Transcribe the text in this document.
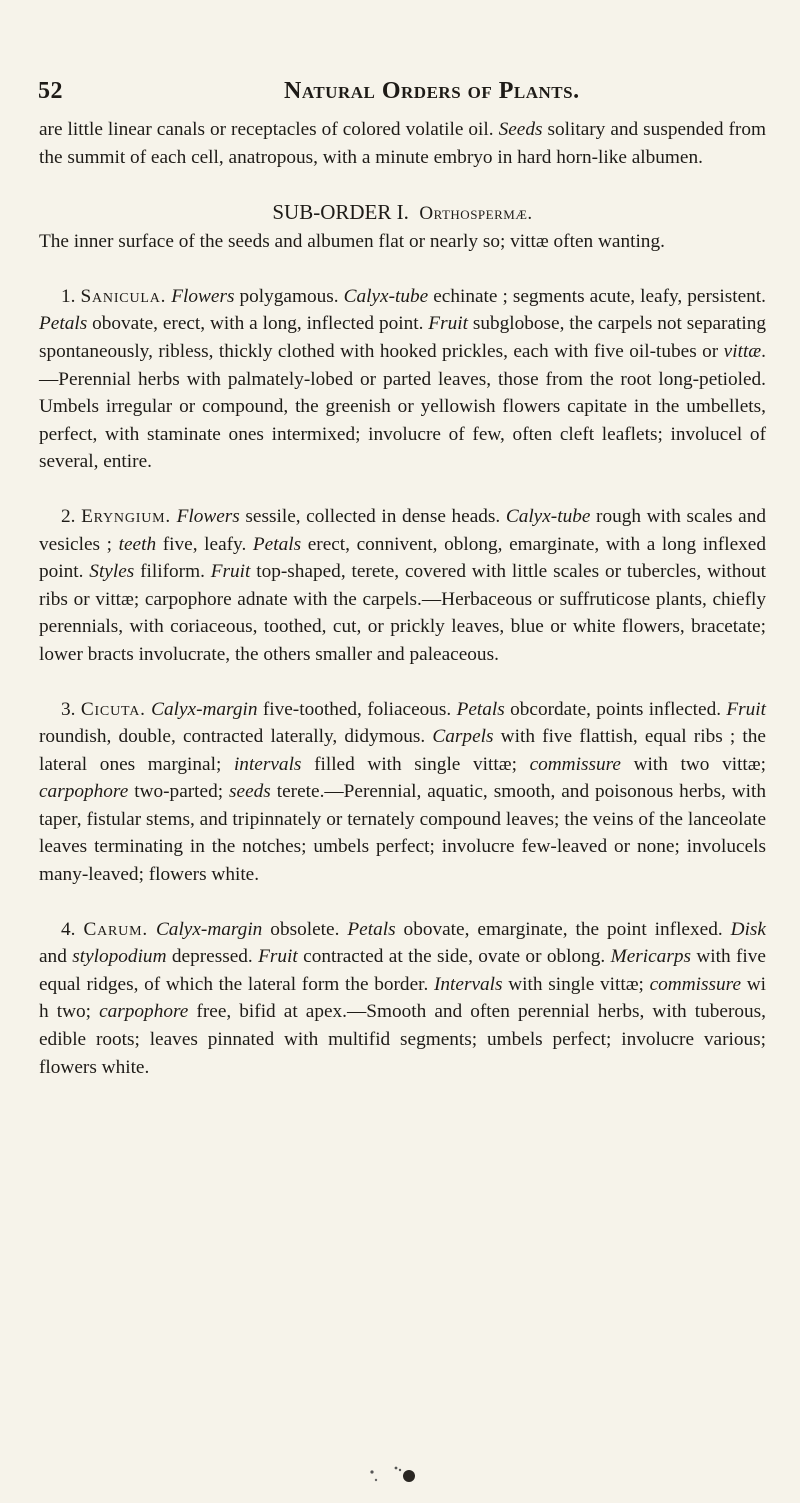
52	Natural Orders of Plants.

are little linear canals or receptacles of colored volatile oil. Seeds solitary and suspended from the summit of each cell, anatropous, with a minute embryo in hard horn-like albumen.

SUB-ORDER I. Orthospermæ.

The inner surface of the seeds and albumen flat or nearly so; vittæ often wanting.

1. Sanicula. Flowers polygamous. Calyx-tube echinate ; segments acute, leafy, persistent. Petals obovate, erect, with a long, inflected point. Fruit subglobose, the carpels not separating spontaneously, ribless, thickly clothed with hooked prickles, each with five oil-tubes or vittæ.—Perennial herbs with palmately-lobed or parted leaves, those from the root long-petioled. Umbels irregular or compound, the greenish or yellowish flowers capitate in the umbellets, perfect, with staminate ones intermixed; involucre of few, often cleft leaflets; involucel of several, entire.

2. Eryngium. Flowers sessile, collected in dense heads. Calyx-tube rough with scales and vesicles ; teeth five, leafy. Petals erect, connivent, oblong, emarginate, with a long inflexed point. Styles filiform. Fruit top-shaped, terete, covered with little scales or tubercles, without ribs or vittæ; carpophore adnate with the carpels.—Herbaceous or suffruticose plants, chiefly perennials, with coriaceous, toothed, cut, or prickly leaves, blue or white flowers, bracetate; lower bracts involucrate, the others smaller and paleaceous.

3. Cicuta. Calyx-margin five-toothed, foliaceous. Petals obcordate, points inflected. Fruit roundish, double, contracted laterally, didymous. Carpels with five flattish, equal ribs ; the lateral ones marginal; intervals filled with single vittæ; commissure with two vittæ; carpophore two-parted; seeds terete.—Perennial, aquatic, smooth, and poisonous herbs, with taper, fistular stems, and tripinnately or ternately compound leaves; the veins of the lanceolate leaves terminating in the notches; umbels perfect; involucre few-leaved or none; involucels many-leaved; flowers white.

4. Carum. Calyx-margin obsolete. Petals obovate, emarginate, the point inflexed. Disk and stylopodium depressed. Fruit contracted at the side, ovate or oblong. Mericarps with five equal ridges, of which the lateral form the border. Intervals with single vittæ; commissure wi h two; carpophore free, bifid at apex.—Smooth and often perennial herbs, with tuberous, edible roots; leaves pinnated with multifid segments; umbels perfect; involucre various; flowers white.
